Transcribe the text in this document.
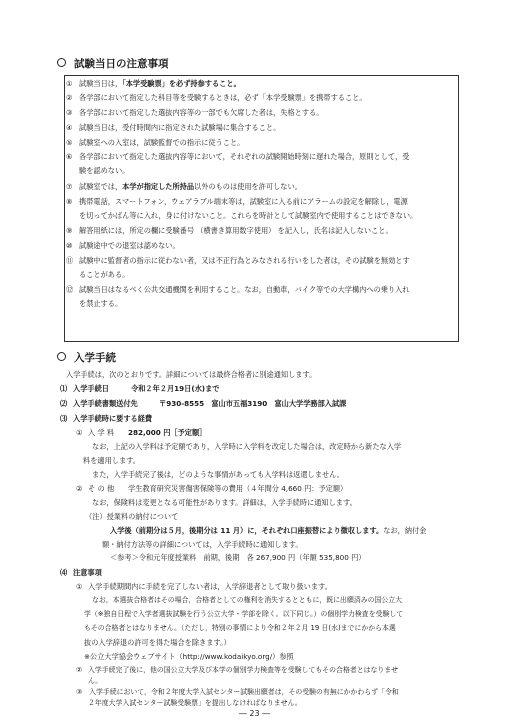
試験当日の注意事項
① 試験当日は，「本学受験票」を必ず持参すること。
② 各学部において指定した科目等を受験するときは，必ず「本学受験票」を携帯すること。
③ 各学部において指定した選抜内容等の一部でも欠席した者は，失格とする。
④ 試験当日は，受付時間内に指定された試験場に集合すること。
⑤ 試験室への入室は，試験監督での指示に従うこと。
⑥ 各学部において指定した選抜内容等において，それぞれの試験開始時刻に遅れた場合，原則として，受
験を認めない。
⑦ 試験室では，本学が指定した所持品以外のものは使用を許可しない。
⑧ 携帯電話，スマートフォン，ウェアラブル端末等は，試験室に入る前にアラームの設定を解除し，電源
を切ってかばん等に入れ，身に付けないこと。これらを時計として試験室内で使用することはできない。
⑨ 解答用紙には，所定の欄に受験番号 （横書き算用数字使用） を記入し，氏名は記入しないこと。
⑩ 試験途中での退室は認めない。
⑪ 試験中に監督者の指示に従わない者，又は不正行為とみなされる行いをした者は，その試験を無効とす
ることがある。
⑫ 試験当日はなるべく公共交通機関を利用すること。なお，自動車，バイク等での大学構内への乗り入れ
を禁止する。
入学手続
入学手続は，次のとおりです。詳細については最終合格者に別途通知します。
⑴ 入学手続日	令和２年２月19日(水)まで
⑵ 入学手続書類送付先	〒930-8555　富山市五福3190　富山大学学務部入試課
⑶ 入学手続時に要する経費
① 入 学 料 282,000 円［予定額］
なお，上記の入学料は予定額であり，入学時に入学料を改定した場合は，改定時から新たな入学
料を適用します。
また，入学手続完了後は，どのような事情があっても入学料は返還しません。
② そ の 他 学生教育研究災害傷害保険等の費用（４年間分 4,660 円：予定額）
なお，保険料は変更となる可能性があります。詳細は，入学手続時に通知します。
（注）授業料の納付について
入学後（前期分は５月，後期分は 11 月）に，それぞれ口座振替により徴収します。なお，納付金
額・納付方法等の詳細については，入学手続時に通知します。
＜参考＞令和元年度授業料　前期，後期　各 267,900 円（年額 535,800 円）
⑷ 注意事項
① 入学手続期間内に手続を完了しない者は，入学辞退者として取り扱います。
なお，本選抜合格者はその場合，合格者としての権利を消失するとともに，既に出願済みの国公立大
学（※独自日程で入学者選抜試験を行う公立大学・学部を除く。以下同じ。）の個別学力検査を受験して
もその合格者とはなりません。（ただし，特別の事情により令和２年２月 19 日(水)までにかから本選
抜の入学辞退の許可を得た場合を除きます。）
※公立大学協会ウェブサイト（http://www.kodaikyo.org/）参照
② 入学手続完了後に，他の国公立大学及び本学の個別学力検査等を受験してもその合格者とはなりませ
― 23 ―
ん。
③　入学手続において，令和２年度大学入試センター試験出願者は，その受験の有無にかかわらず「令和
２年度大学入試センター試験受験票」を提出しなければなりません。
